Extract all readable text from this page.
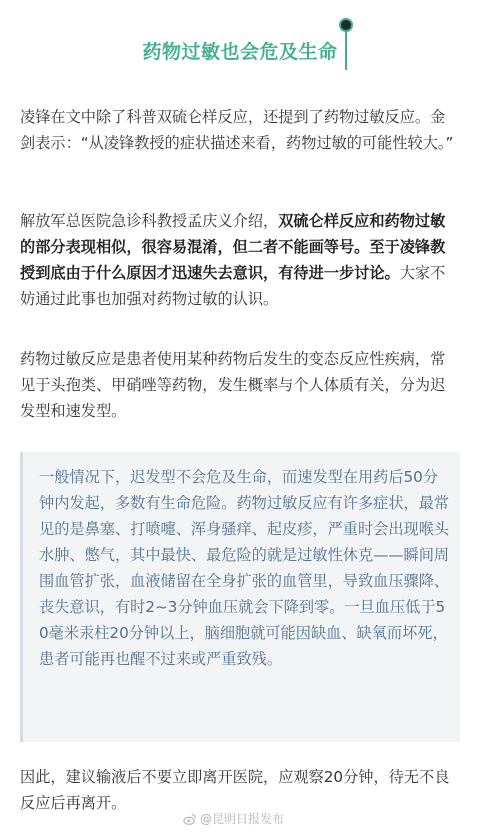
药物过敏也会危及生命

凌锋在文中除了科普双硫仑样反应，还提到了药物过敏反应。金剑表示：“从凌锋教授的症状描述来看，药物过敏的可能性较大。”

解放军总医院急诊科教授孟庆义介绍，双硫仑样反应和药物过敏的部分表现相似，很容易混淆，但二者不能画等号。至于凌锋教授到底由于什么原因才迅速失去意识，有待进一步讨论。大家不妨通过此事也加强对药物过敏的认识。

药物过敏反应是患者使用某种药物后发生的变态反应性疾病，常见于头孢类、甲硝唑等药物，发生概率与个人体质有关，分为迟发型和速发型。

一般情况下，迟发型不会危及生命，而速发型在用药后50分钟内发起，多数有生命危险。药物过敏反应有许多症状，最常见的是鼻塞、打喷嚏、浑身骚痒、起皮疹，严重时会出现喉头水肿、憋气，其中最快、最危险的就是过敏性休克——瞬间周围血管扩张，血液储留在全身扩张的血管里，导致血压骤降、丧失意识，有时2~3分钟血压就会下降到零。一旦血压低于50毫米汞柱20分钟以上，脑细胞就可能因缺血、缺氧而坏死，患者可能再也醒不过来或严重致残。

因此，建议输液后不要立即离开医院，应观察20分钟，待无不良反应后再离开。

@昆明日报发布
